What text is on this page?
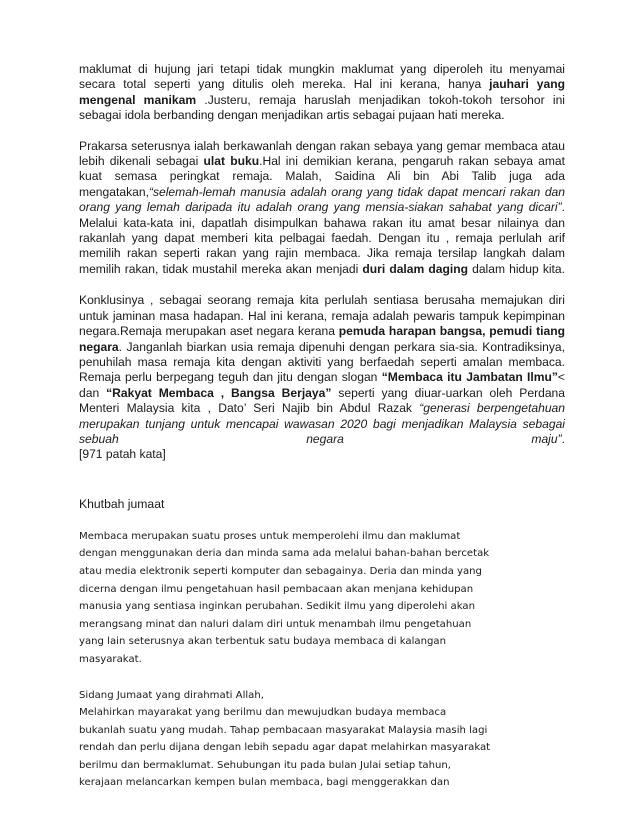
maklumat di hujung jari tetapi tidak mungkin maklumat yang diperoleh itu menyamai secara total seperti yang ditulis oleh mereka. Hal ini kerana, hanya jauhari yang mengenal manikam .Justeru, remaja haruslah menjadikan tokoh-tokoh tersohor ini sebagai idola berbanding dengan menjadikan artis sebagai pujaan hati mereka.

Prakarsa seterusnya ialah berkawanlah dengan rakan sebaya yang gemar membaca atau lebih dikenali sebagai ulat buku.Hal ini demikian kerana, pengaruh rakan sebaya amat kuat semasa peringkat remaja. Malah, Saidina Ali bin Abi Talib juga ada mengatakan,“selemah-lemah manusia adalah orang yang tidak dapat mencari rakan dan orang yang lemah daripada itu adalah orang yang mensia-siakan sahabat yang dicari”. Melalui kata-kata ini, dapatlah disimpulkan bahawa rakan itu amat besar nilainya dan rakanlah yang dapat memberi kita pelbagai faedah. Dengan itu , remaja perlulah arif memilih rakan seperti rakan yang rajin membaca. Jika remaja tersilap langkah dalam memilih rakan, tidak mustahil mereka akan menjadi duri dalam daging dalam hidup kita.

Konklusinya , sebagai seorang remaja kita perlulah sentiasa berusaha memajukan diri untuk jaminan masa hadapan. Hal ini kerana, remaja adalah pewaris tampuk kepimpinan negara.Remaja merupakan aset negara kerana pemuda harapan bangsa, pemudi tiang negara. Janganlah biarkan usia remaja dipenuhi dengan perkara sia-sia. Kontradiksinya, penuhilah masa remaja kita dengan aktiviti yang berfaedah seperti amalan membaca. Remaja perlu berpegang teguh dan jitu dengan slogan “Membaca itu Jambatan Ilmu”< dan “Rakyat Membaca , Bangsa Berjaya” seperti yang diuar-uarkan oleh Perdana Menteri Malaysia kita , Dato’ Seri Najib bin Abdul Razak “generasi berpengetahuan merupakan tunjang untuk mencapai wawasan 2020 bagi menjadikan Malaysia sebagai sebuah negara maju”.

[971 patah kata]

Khutbah jumaat

Membaca merupakan suatu proses untuk memperolehi ilmu dan maklumat

dengan menggunakan deria dan minda sama ada melalui bahan-bahan bercetak

atau media elektronik seperti komputer dan sebagainya. Deria dan minda yang

dicerna dengan ilmu pengetahuan hasil pembacaan akan menjana kehidupan

manusia yang sentiasa inginkan perubahan. Sedikit ilmu yang diperolehi akan

merangsang minat dan naluri dalam diri untuk menambah ilmu pengetahuan

yang lain seterusnya akan terbentuk satu budaya membaca di kalangan

masyarakat.

Sidang Jumaat yang dirahmati Allah,

Melahirkan mayarakat yang berilmu dan mewujudkan budaya membaca

bukanlah suatu yang mudah. Tahap pembacaan masyarakat Malaysia masih lagi

rendah dan perlu dijana dengan lebih sepadu agar dapat melahirkan masyarakat

berilmu dan bermaklumat. Sehubungan itu pada bulan Julai setiap tahun,

kerajaan melancarkan kempen bulan membaca, bagi menggerakkan dan
